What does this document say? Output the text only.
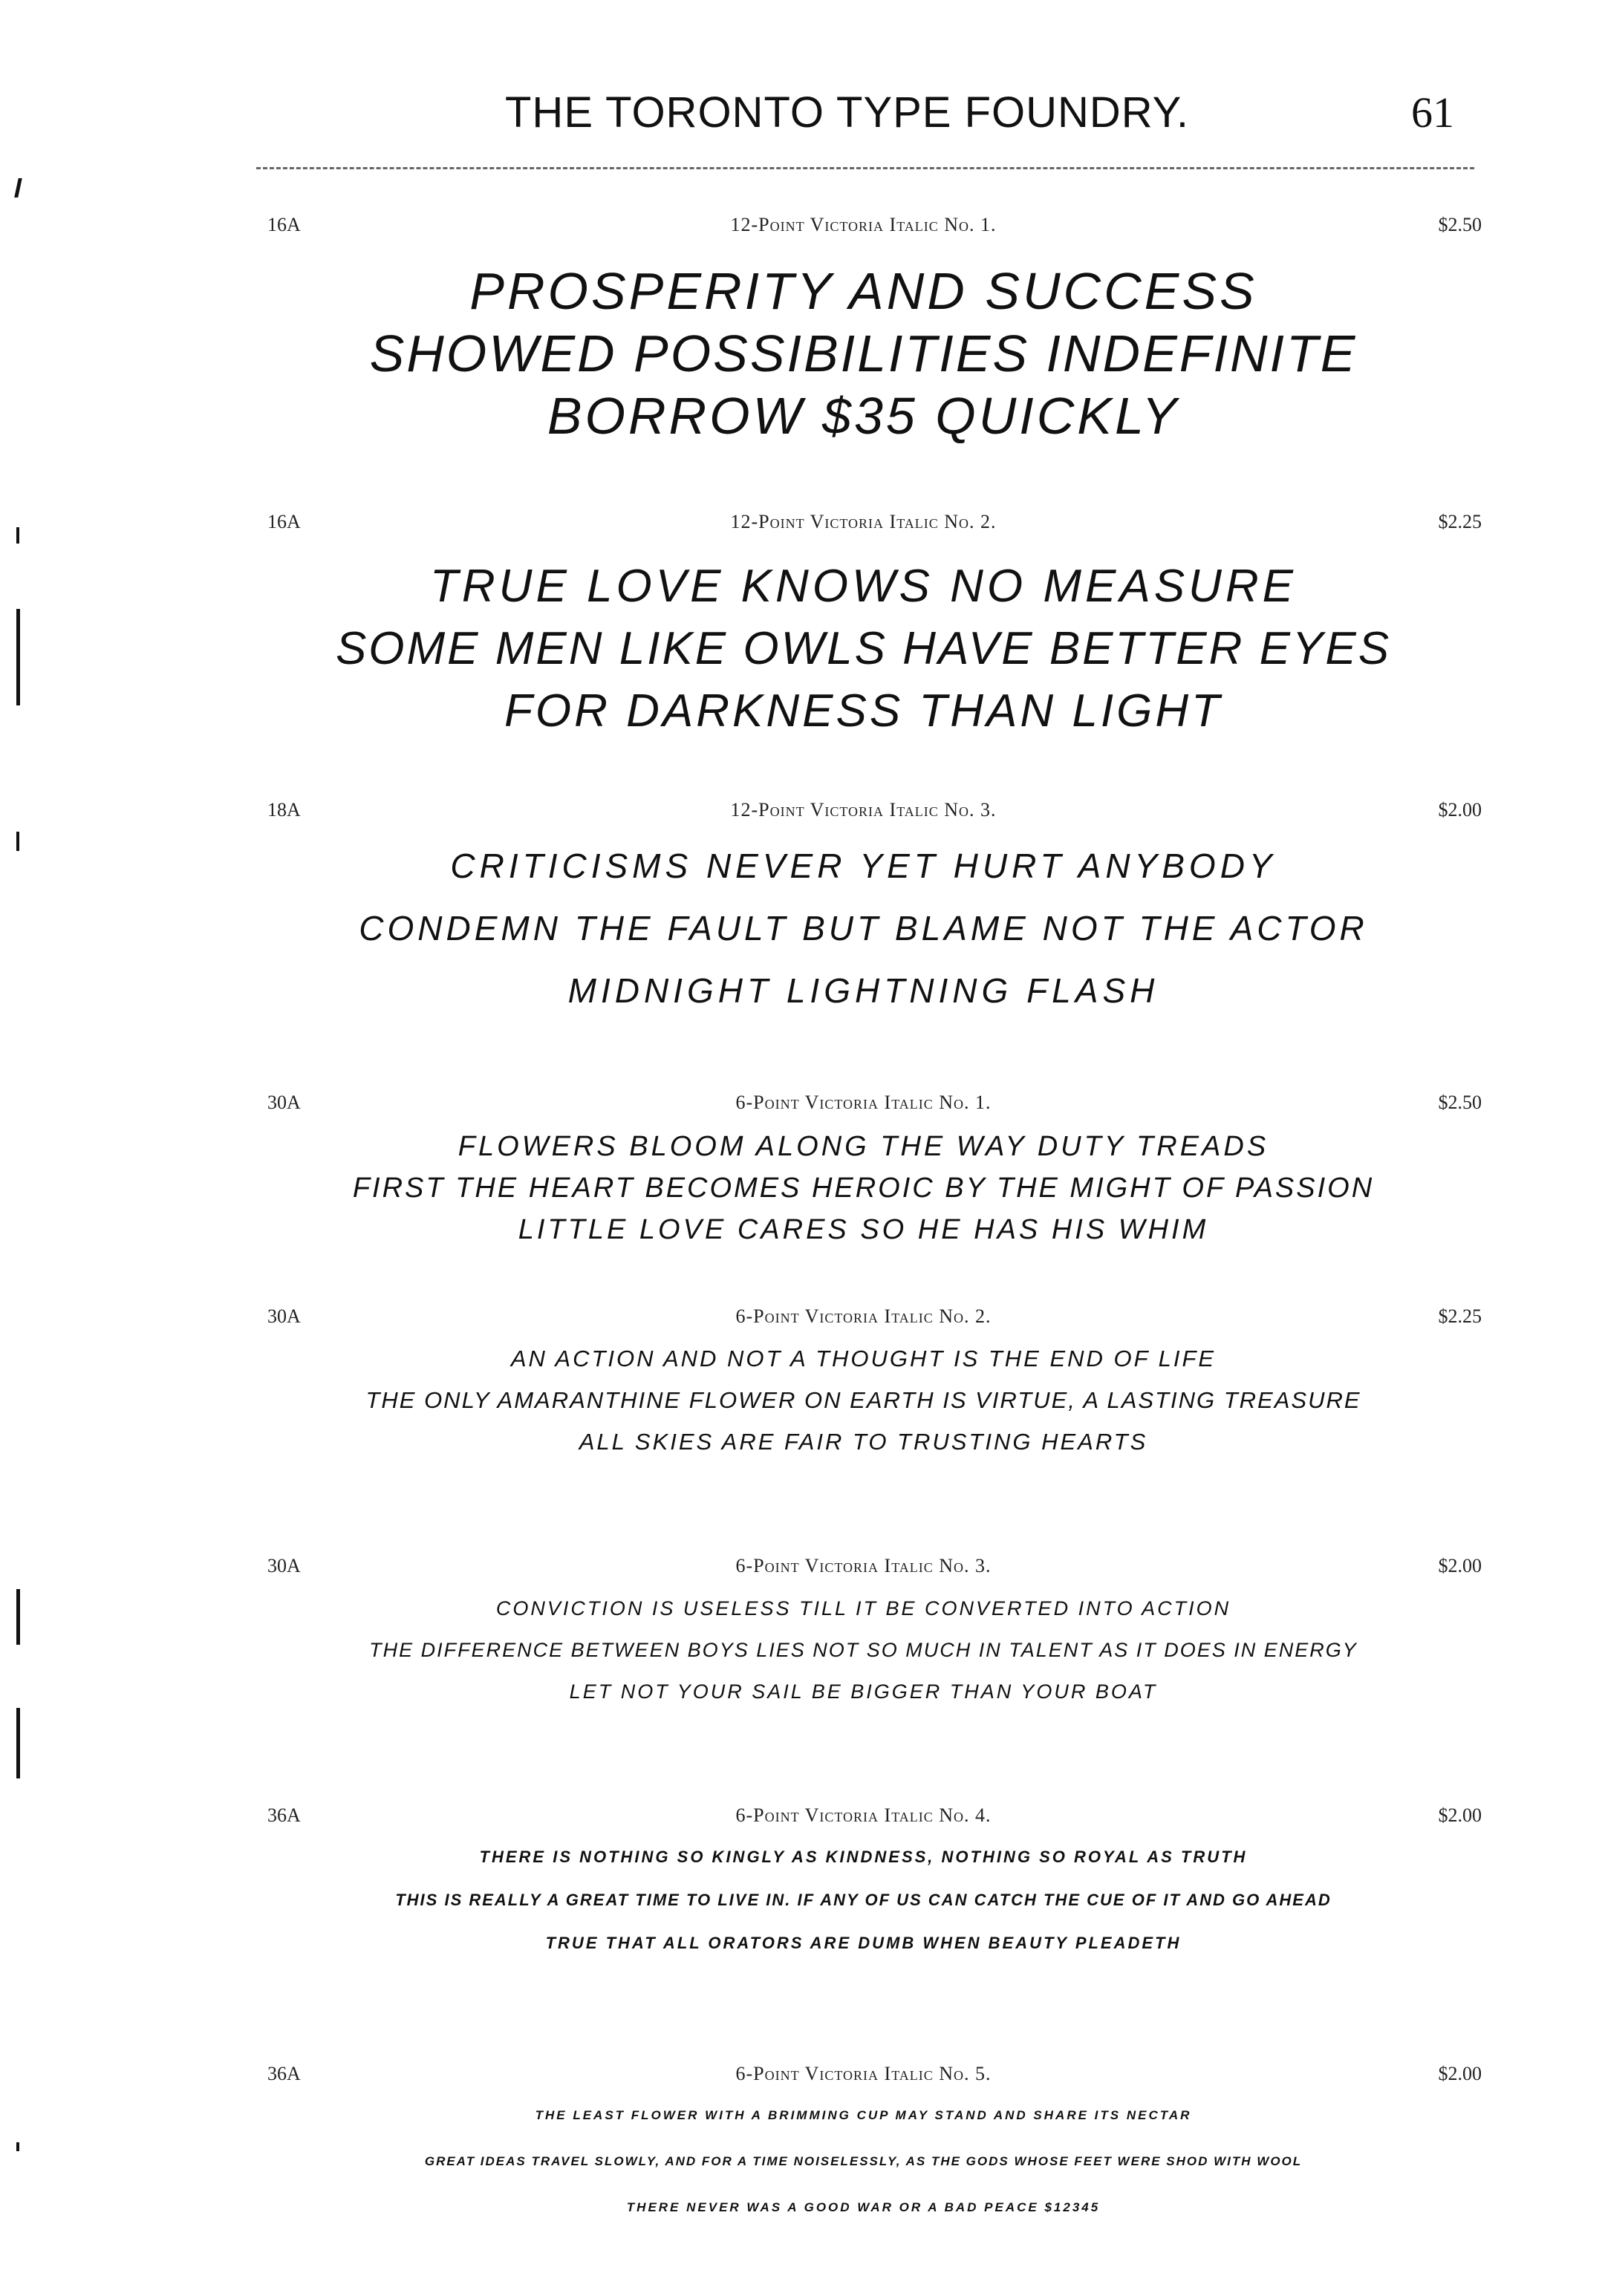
THE TORONTO TYPE FOUNDRY.	61
16A	12-Point Victoria Italic No. 1.	$2.50
PROSPERITY AND SUCCESS
SHOWED POSSIBILITIES INDEFINITE
BORROW $35 QUICKLY
16A	12-Point Victoria Italic No. 2.	$2.25
TRUE LOVE KNOWS NO MEASURE
SOME MEN LIKE OWLS HAVE BETTER EYES
FOR DARKNESS THAN LIGHT
18A	12-Point Victoria Italic No. 3.	$2.00
CRITICISMS NEVER YET HURT ANYBODY
CONDEMN THE FAULT BUT BLAME NOT THE ACTOR
MIDNIGHT LIGHTNING FLASH
30A	6-Point Victoria Italic No. 1.	$2.50
FLOWERS BLOOM ALONG THE WAY DUTY TREADS
FIRST THE HEART BECOMES HEROIC BY THE MIGHT OF PASSION
LITTLE LOVE CARES SO HE HAS HIS WHIM
30A	6-Point Victoria Italic No. 2.	$2.25
AN ACTION AND NOT A THOUGHT IS THE END OF LIFE
THE ONLY AMARANTHINE FLOWER ON EARTH IS VIRTUE, A LASTING TREASURE
ALL SKIES ARE FAIR TO TRUSTING HEARTS
30A	6-Point Victoria Italic No. 3.	$2.00
CONVICTION IS USELESS TILL IT BE CONVERTED INTO ACTION
THE DIFFERENCE BETWEEN BOYS LIES NOT SO MUCH IN TALENT AS IT DOES IN ENERGY
LET NOT YOUR SAIL BE BIGGER THAN YOUR BOAT
36A	6-Point Victoria Italic No. 4.	$2.00
THERE IS NOTHING SO KINGLY AS KINDNESS, NOTHING SO ROYAL AS TRUTH
THIS IS REALLY A GREAT TIME TO LIVE IN. IF ANY OF US CAN CATCH THE CUE OF IT AND GO AHEAD
TRUE THAT ALL ORATORS ARE DUMB WHEN BEAUTY PLEADETH
36A	6-Point Victoria Italic No. 5.	$2.00
THE LEAST FLOWER WITH A BRIMMING CUP MAY STAND AND SHARE ITS NECTAR
GREAT IDEAS TRAVEL SLOWLY, AND FOR A TIME NOISELESSLY, AS THE GODS WHOSE FEET WERE SHOD WITH WOOL
THERE NEVER WAS A GOOD WAR OR A BAD PEACE $12345
